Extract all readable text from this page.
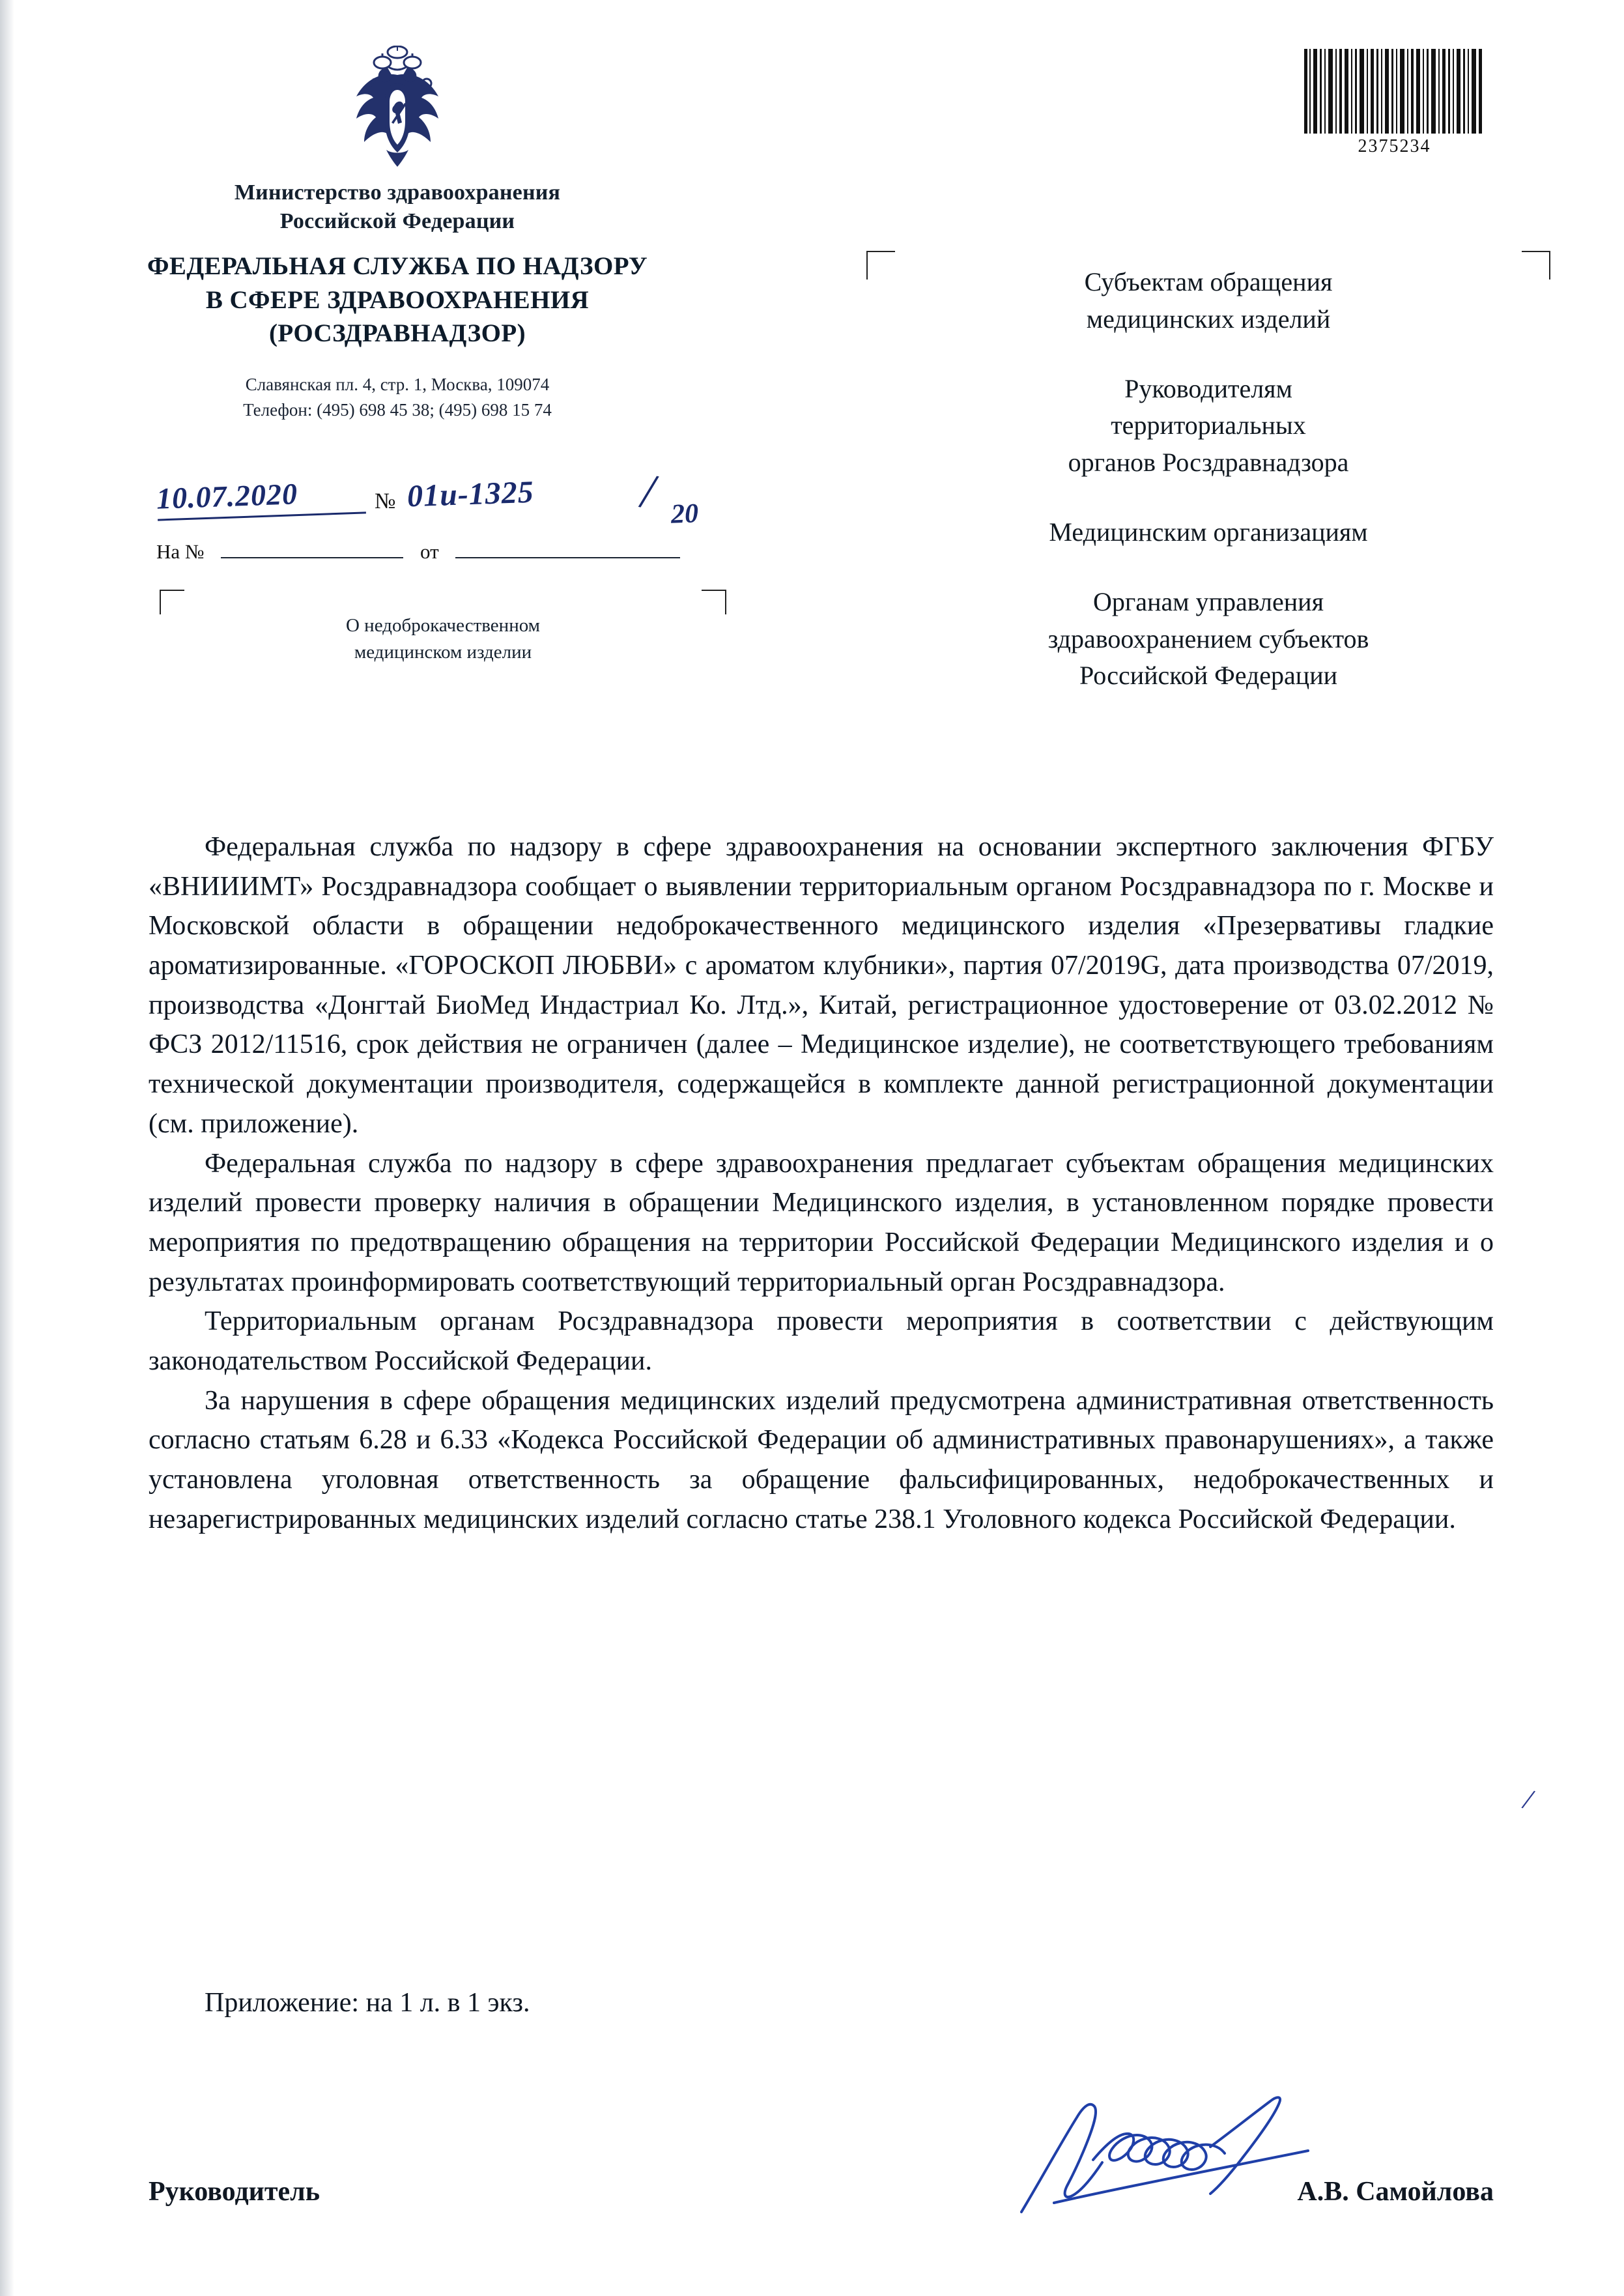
Министерство здравоохранения
Российской Федерации
ФЕДЕРАЛЬНАЯ СЛУЖБА ПО НАДЗОРУ
В СФЕРЕ ЗДРАВООХРАНЕНИЯ
(РОСЗДРАВНАДЗОР)
Славянская пл. 4, стр. 1, Москва, 109074
Телефон: (495) 698 45 38; (495) 698 15 74
2375234
10.07.2020	№ 01и-1325 / 20
На №	от
О недоброкачественном
медицинском изделии

Субъектам обращения
медицинских изделий

Руководителям
территориальных
органов Росздравнадзора

Медицинским организациям

Органам управления
здравоохранением субъектов
Российской Федерации

Федеральная служба по надзору в сфере здравоохранения на основании экспертного заключения ФГБУ «ВНИИИМТ» Росздравнадзора сообщает о выявлении территориальным органом Росздравнадзора по г. Москве и Московской области в обращении недоброкачественного медицинского изделия «Презервативы гладкие ароматизированные. «ГОРОСКОП ЛЮБВИ» с ароматом клубники», партия 07/2019G, дата производства 07/2019, производства «Донгтай БиоМед Индастриал Ко. Лтд.», Китай, регистрационное удостоверение от 03.02.2012 № ФСЗ 2012/11516, срок действия не ограничен (далее – Медицинское изделие), не соответствующего требованиям технической документации производителя, содержащейся в комплекте данной регистрационной документации (см. приложение).

Федеральная служба по надзору в сфере здравоохранения предлагает субъектам обращения медицинских изделий провести проверку наличия в обращении Медицинского изделия, в установленном порядке провести мероприятия по предотвращению обращения на территории Российской Федерации Медицинского изделия и о результатах проинформировать соответствующий территориальный орган Росздравнадзора.

Территориальным органам Росздравнадзора провести мероприятия в соответствии с действующим законодательством Российской Федерации.

За нарушения в сфере обращения медицинских изделий предусмотрена административная ответственность согласно статьям 6.28 и 6.33 «Кодекса Российской Федерации об административных правонарушениях», а также установлена уголовная ответственность за обращение фальсифицированных, недоброкачественных и незарегистрированных медицинских изделий согласно статье 238.1 Уголовного кодекса Российской Федерации.

Приложение: на 1 л. в 1 экз.
/
Руководитель	А.В. Самойлова
